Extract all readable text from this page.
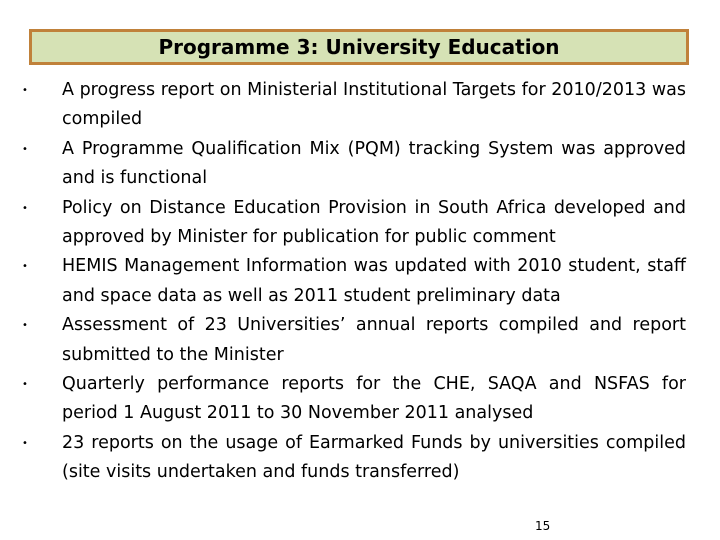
Programme 3: University Education
•	A progress report on Ministerial Institutional Targets for 2010/2013 was compiled
•	A Programme Qualification Mix (PQM) tracking System was approved and is functional
•	Policy on Distance Education Provision in South Africa developed and approved by Minister for publication for public comment
•	HEMIS Management Information was updated with 2010 student, staff and space data as well as 2011 student preliminary data
•	Assessment of 23 Universities’ annual reports compiled and report submitted to the Minister
•	Quarterly performance reports for the CHE, SAQA and NSFAS for period 1 August 2011 to 30 November 2011 analysed
•	23 reports on the usage of Earmarked Funds by universities compiled (site visits undertaken and funds transferred)
15
